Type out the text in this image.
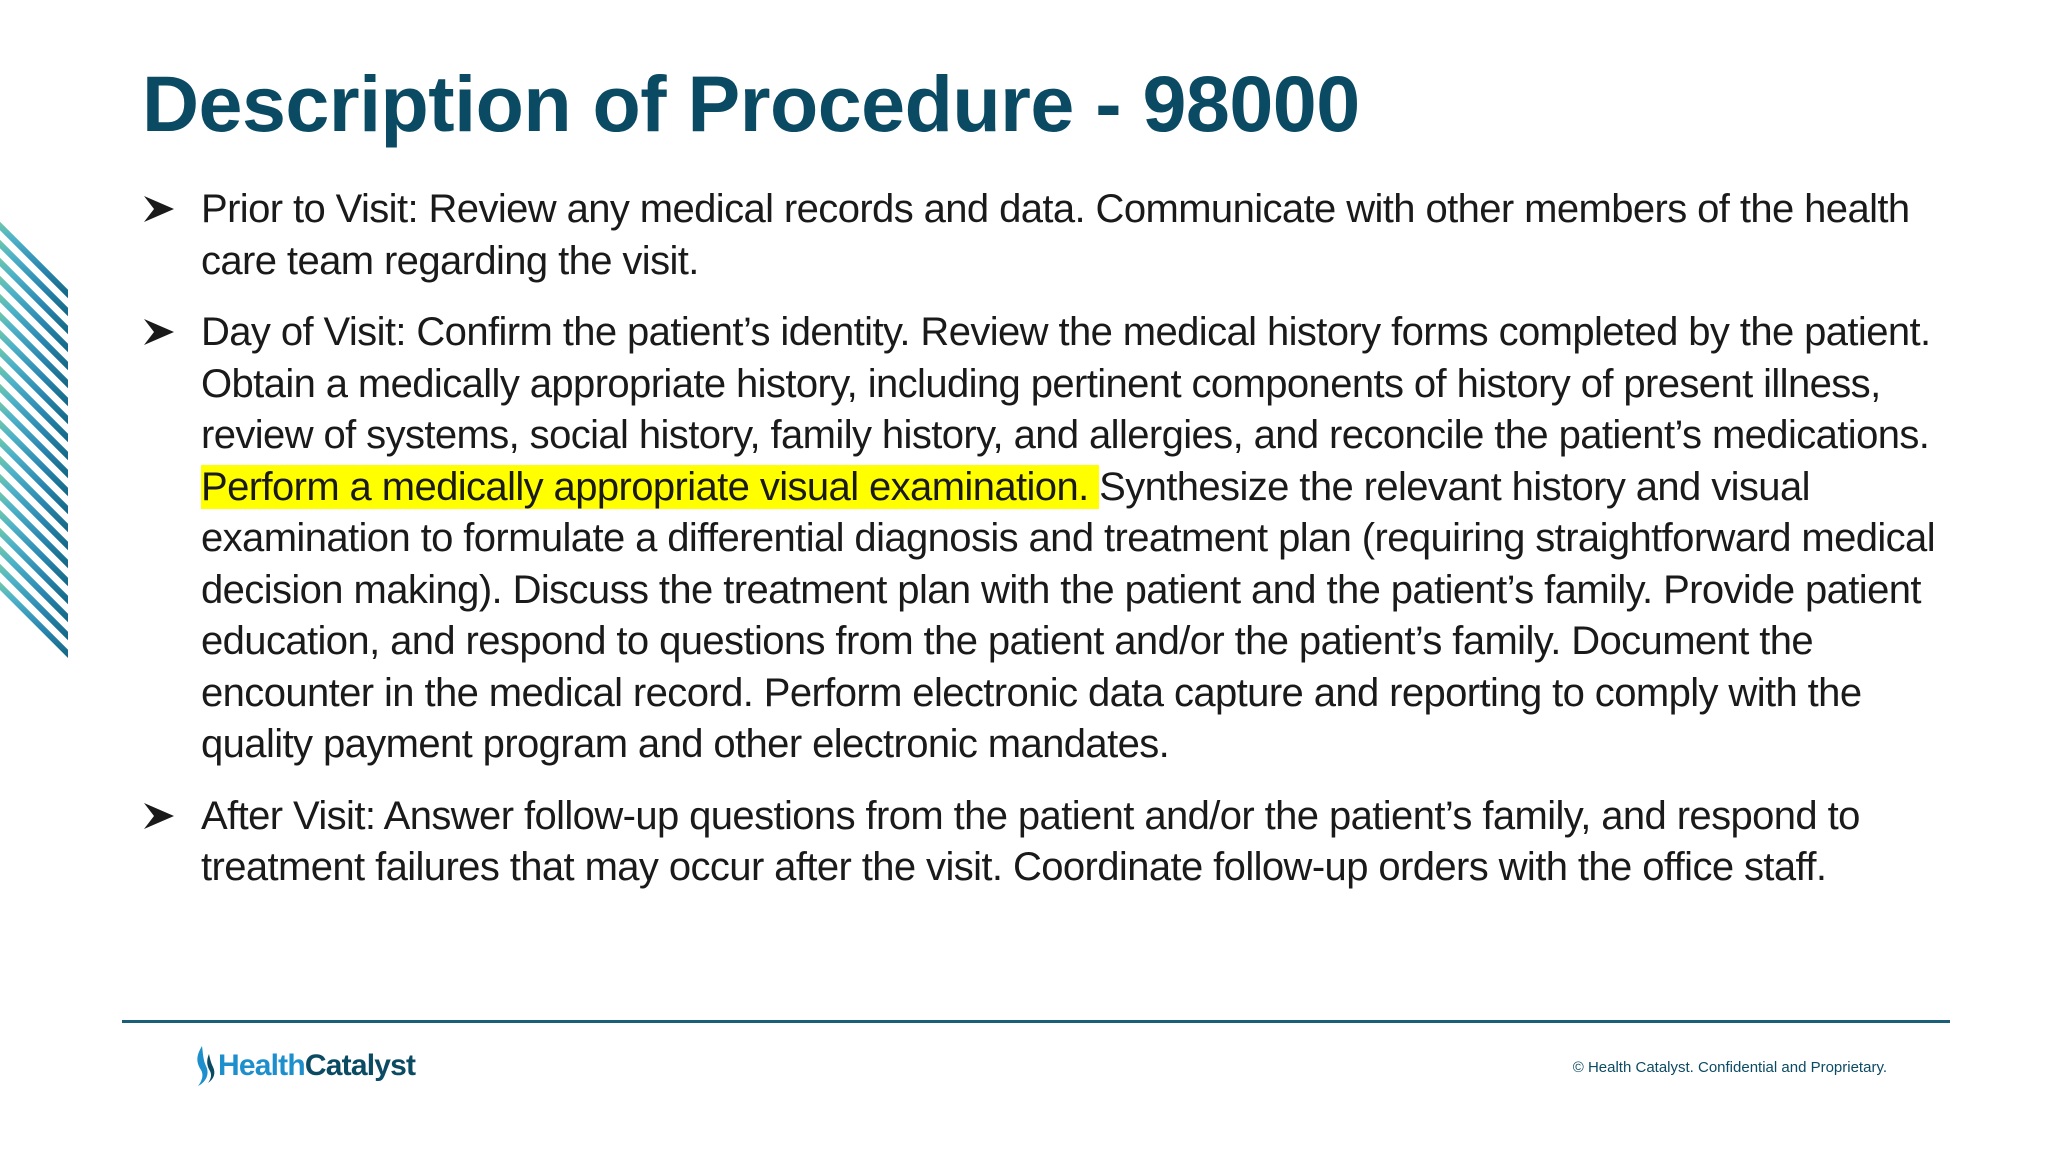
Description of Procedure - 98000
Prior to Visit: Review any medical records and data. Communicate with other members of the health care team regarding the visit.
Day of Visit: Confirm the patient’s identity. Review the medical history forms completed by the patient. Obtain a medically appropriate history, including pertinent components of history of present illness, review of systems, social history, family history, and allergies, and reconcile the patient’s medications. Perform a medically appropriate visual examination. Synthesize the relevant history and visual examination to formulate a differential diagnosis and treatment plan (requiring straightforward medical decision making). Discuss the treatment plan with the patient and the patient’s family. Provide patient education, and respond to questions from the patient and/or the patient’s family. Document the encounter in the medical record. Perform electronic data capture and reporting to comply with the quality payment program and other electronic mandates.
After Visit: Answer follow-up questions from the patient and/or the patient’s family, and respond to treatment failures that may occur after the visit. Coordinate follow-up orders with the office staff.
HealthCatalyst	© Health Catalyst. Confidential and Proprietary.
